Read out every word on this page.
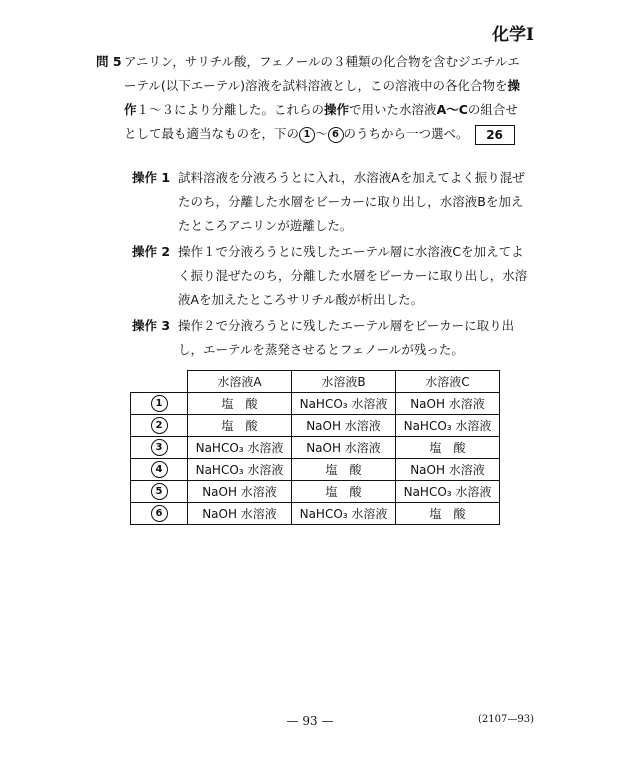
化学Ⅰ
問 5 アニリン，サリチル酸，フェノールの３種類の化合物を含むジエチルエーテル(以下エーテル)溶液を試料溶液とし，この溶液中の各化合物を操作１～３により分離した。これらの操作で用いた水溶液A～Cの組合せとして最も適当なものを，下の 1 ～ 6 のうちから一つ選べ。 26
操作 1 試料溶液を分液ろうとに入れ，水溶液Aを加えてよく振り混ぜたのち，分離した水層をビーカーに取り出し，水溶液Bを加えたところアニリンが遊離した。
操作 2 操作１で分液ろうとに残したエーテル層に水溶液Cを加えてよく振り混ぜたのち，分離した水層をビーカーに取り出し，水溶液Aを加えたところサリチル酸が析出した。
操作 3 操作２で分液ろうとに残したエーテル層をビーカーに取り出し，エーテルを蒸発させるとフェノールが残った。
	水溶液A	水溶液B	水溶液C
1	塩　酸	NaHCO₃ 水溶液	NaOH 水溶液
2	塩　酸	NaOH 水溶液	NaHCO₃ 水溶液
3	NaHCO₃ 水溶液	NaOH 水溶液	塩　酸
4	NaHCO₃ 水溶液	塩　酸	NaOH 水溶液
5	NaOH 水溶液	塩　酸	NaHCO₃ 水溶液
6	NaOH 水溶液	NaHCO₃ 水溶液	塩　酸
— 93 —	(2107—93)
